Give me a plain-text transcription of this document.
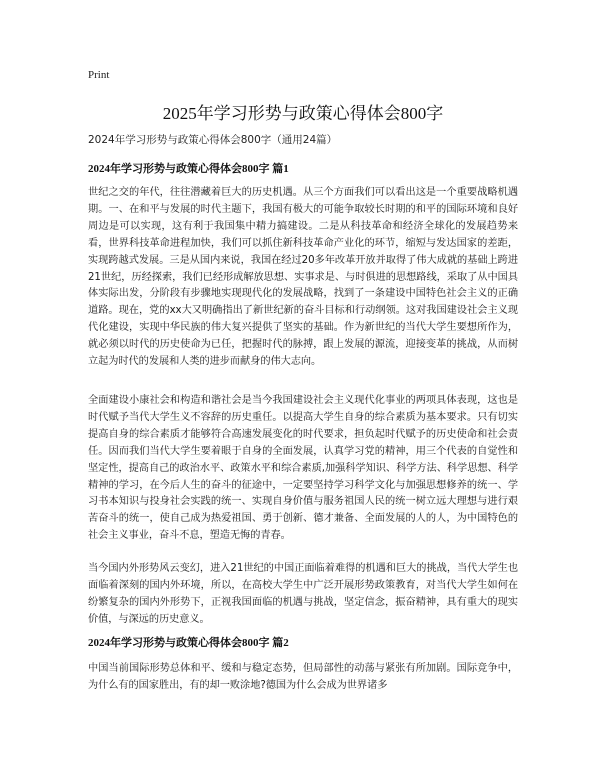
Print
2025年学习形势与政策心得体会800字
2024年学习形势与政策心得体会800字（通用24篇）
2024年学习形势与政策心得体会800字 篇1

世纪之交的年代，往往潜藏着巨大的历史机遇。从三个方面我们可以看出这是一个重要战略机遇期。一、在和平与发展的时代主题下，我国有极大的可能争取较长时期的和平的国际环境和良好周边是可以实现，这有利于我国集中精力搞建设。二是从科技革命和经济全球化的发展趋势来看，世界科技革命进程加快，我们可以抓住新科技革命产业化的环节，缩短与发达国家的差距，实现跨越式发展。三是从国内来说，我国在经过20多年改革开放并取得了伟大成就的基础上跨进21世纪，历经探索，我们已经形成解放思想、实事求是、与时俱进的思想路线，采取了从中国具体实际出发，分阶段有步骤地实现现代化的发展战略，找到了一条建设中国特色社会主义的正确道路。现在，党的xx大又明确指出了新世纪新的奋斗目标和行动纲领。这对我国建设社会主义现代化建设，实现中华民族的伟大复兴提供了坚实的基础。作为新世纪的当代大学生要想所作为，就必须以时代的历史使命为已任，把握时代的脉搏，跟上发展的源流，迎接变革的挑战，从而树立起为时代的发展和人类的进步而献身的伟大志向。

全面建设小康社会和构造和谐社会是当今我国建设社会主义现代化事业的两项具体表现，这也是时代赋予当代大学生义不容辞的历史重任。以提高大学生自身的综合素质为基本要求。只有切实提高自身的综合素质才能够符合高速发展变化的时代要求，担负起时代赋予的历史使命和社会责任。因而我们当代大学生要着眼于自身的全面发展，认真学习党的精神，用三个代表的自觉性和坚定性，提高自己的政治水平、政策水平和综合素质,加强科学知识、科学方法、科学思想、科学精神的学习，在今后人生的奋斗的征途中，一定要坚持学习科学文化与加强思想修养的统一、学习书本知识与投身社会实践的统一、实现自身价值与服务祖国人民的统一树立远大理想与进行艰苦奋斗的统一，使自己成为热爱祖国、勇于创新、德才兼备、全面发展的人的人，为中国特色的社会主义事业，奋斗不息，塑造无悔的青春。

当今国内外形势风云变幻，进入21世纪的中国正面临着难得的机遇和巨大的挑战，当代大学生也面临着深刻的国内外环境，所以，在高校大学生中广泛开展形势政策教育，对当代大学生如何在纷繁复杂的国内外形势下，正视我国面临的机遇与挑战，坚定信念，振奋精神，具有重大的现实价值，与深远的历史意义。

2024年学习形势与政策心得体会800字 篇2

中国当前国际形势总体和平、缓和与稳定态势，但局部性的动荡与紧张有所加剧。国际竞争中，为什么有的国家胜出，有的却一败涂地?德国为什么会成为世界诸多
